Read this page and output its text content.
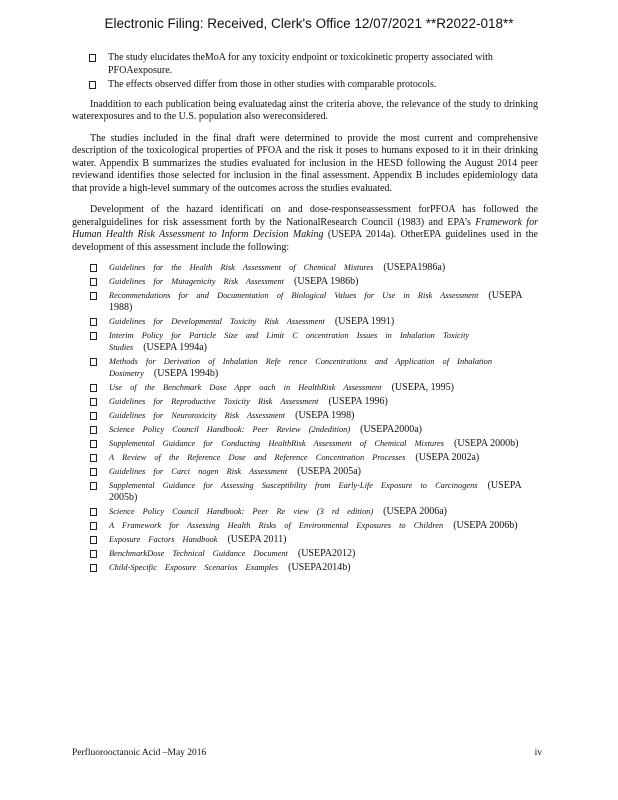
Electronic Filing: Received, Clerk's Office 12/07/2021 **R2022-018**
The study elucidates theMoA for any toxicity endpoint or toxicokinetic property associated with PFOAexposure.
The effects observed differ from those in other studies with comparable protocols.

Inaddition to each publication being evaluatedag ainst the criteria above, the relevance of the study to drinking waterexposures and to the U.S. population also wereconsidered.

The studies included in the final draft were determined to provide the most current and comprehensive description of the toxicological properties of PFOA and the risk it poses to humans exposed to it in their drinking water. Appendix B summarizes the studies evaluated for inclusion in the HESD following the August 2014 peer reviewand identifies those selected for inclusion in the final assessment. Appendix B includes epidemiology data that provide a high-level summary of the outcomes across the studies evaluated.

Development of the hazard identificati on and dose-responseassessment forPFOA has followed the generalguidelines for risk assessment forth by the NationalResearch Council (1983) and EPA’s Framework for Human Health Risk Assessment to Inform Decision Making (USEPA 2014a). OtherEPA guidelines used in the development of this assessment include the following:

Guidelines for the Health Risk Assessment of Chemical Mixtures (USEPA1986a)
Guidelines for Mutagenicity Risk Assessment (USEPA 1986b)
Recommendations for and Documentation of Biological Values for Use in Risk Assessment (USEPA 1988)
Guidelines for Developmental Toxicity Risk Assessment (USEPA 1991)
Interim Policy for Particle Size and Limit C oncentration Issues in Inhalation Toxicity Studies (USEPA 1994a)
Methods for Derivation of Inhalation Refe rence Concentrations and Application of Inhalation Dosimetry (USEPA 1994b)
Use of the Benchmark Dose Appr oach in HealthRisk Assessment (USEPA, 1995)
Guidelines for Reproductive Toxicity Risk Assessment (USEPA 1996)
Guidelines for Neurotoxicity Risk Assessment (USEPA 1998)
Science Policy Council Handbook: Peer Review (2ndedition) (USEPA2000a)
Supplemental Guidance for Conducting HealthRisk Assessment of Chemical Mixtures (USEPA 2000b)
A Review of the Reference Dose and Reference Concentration Processes (USEPA 2002a)
Guidelines for Carci nogen Risk Assessment (USEPA 2005a)
Supplemental Guidance for Assessing Susceptibility from Early-Life Exposure to Carcinogens (USEPA 2005b)
Science Policy Council Handbook: Peer Re view (3 rd edition) (USEPA 2006a)
A Framework for Assessing Health Risks of Environmental Exposures to Children (USEPA 2006b)
Exposure Factors Handbook (USEPA 2011)
BenchmarkDose Technical Guidance Document (USEPA2012)
Child-Specific Exposure Scenarios Examples (USEPA2014b)
Perfluorooctanoic Acid –May 2016	iv
